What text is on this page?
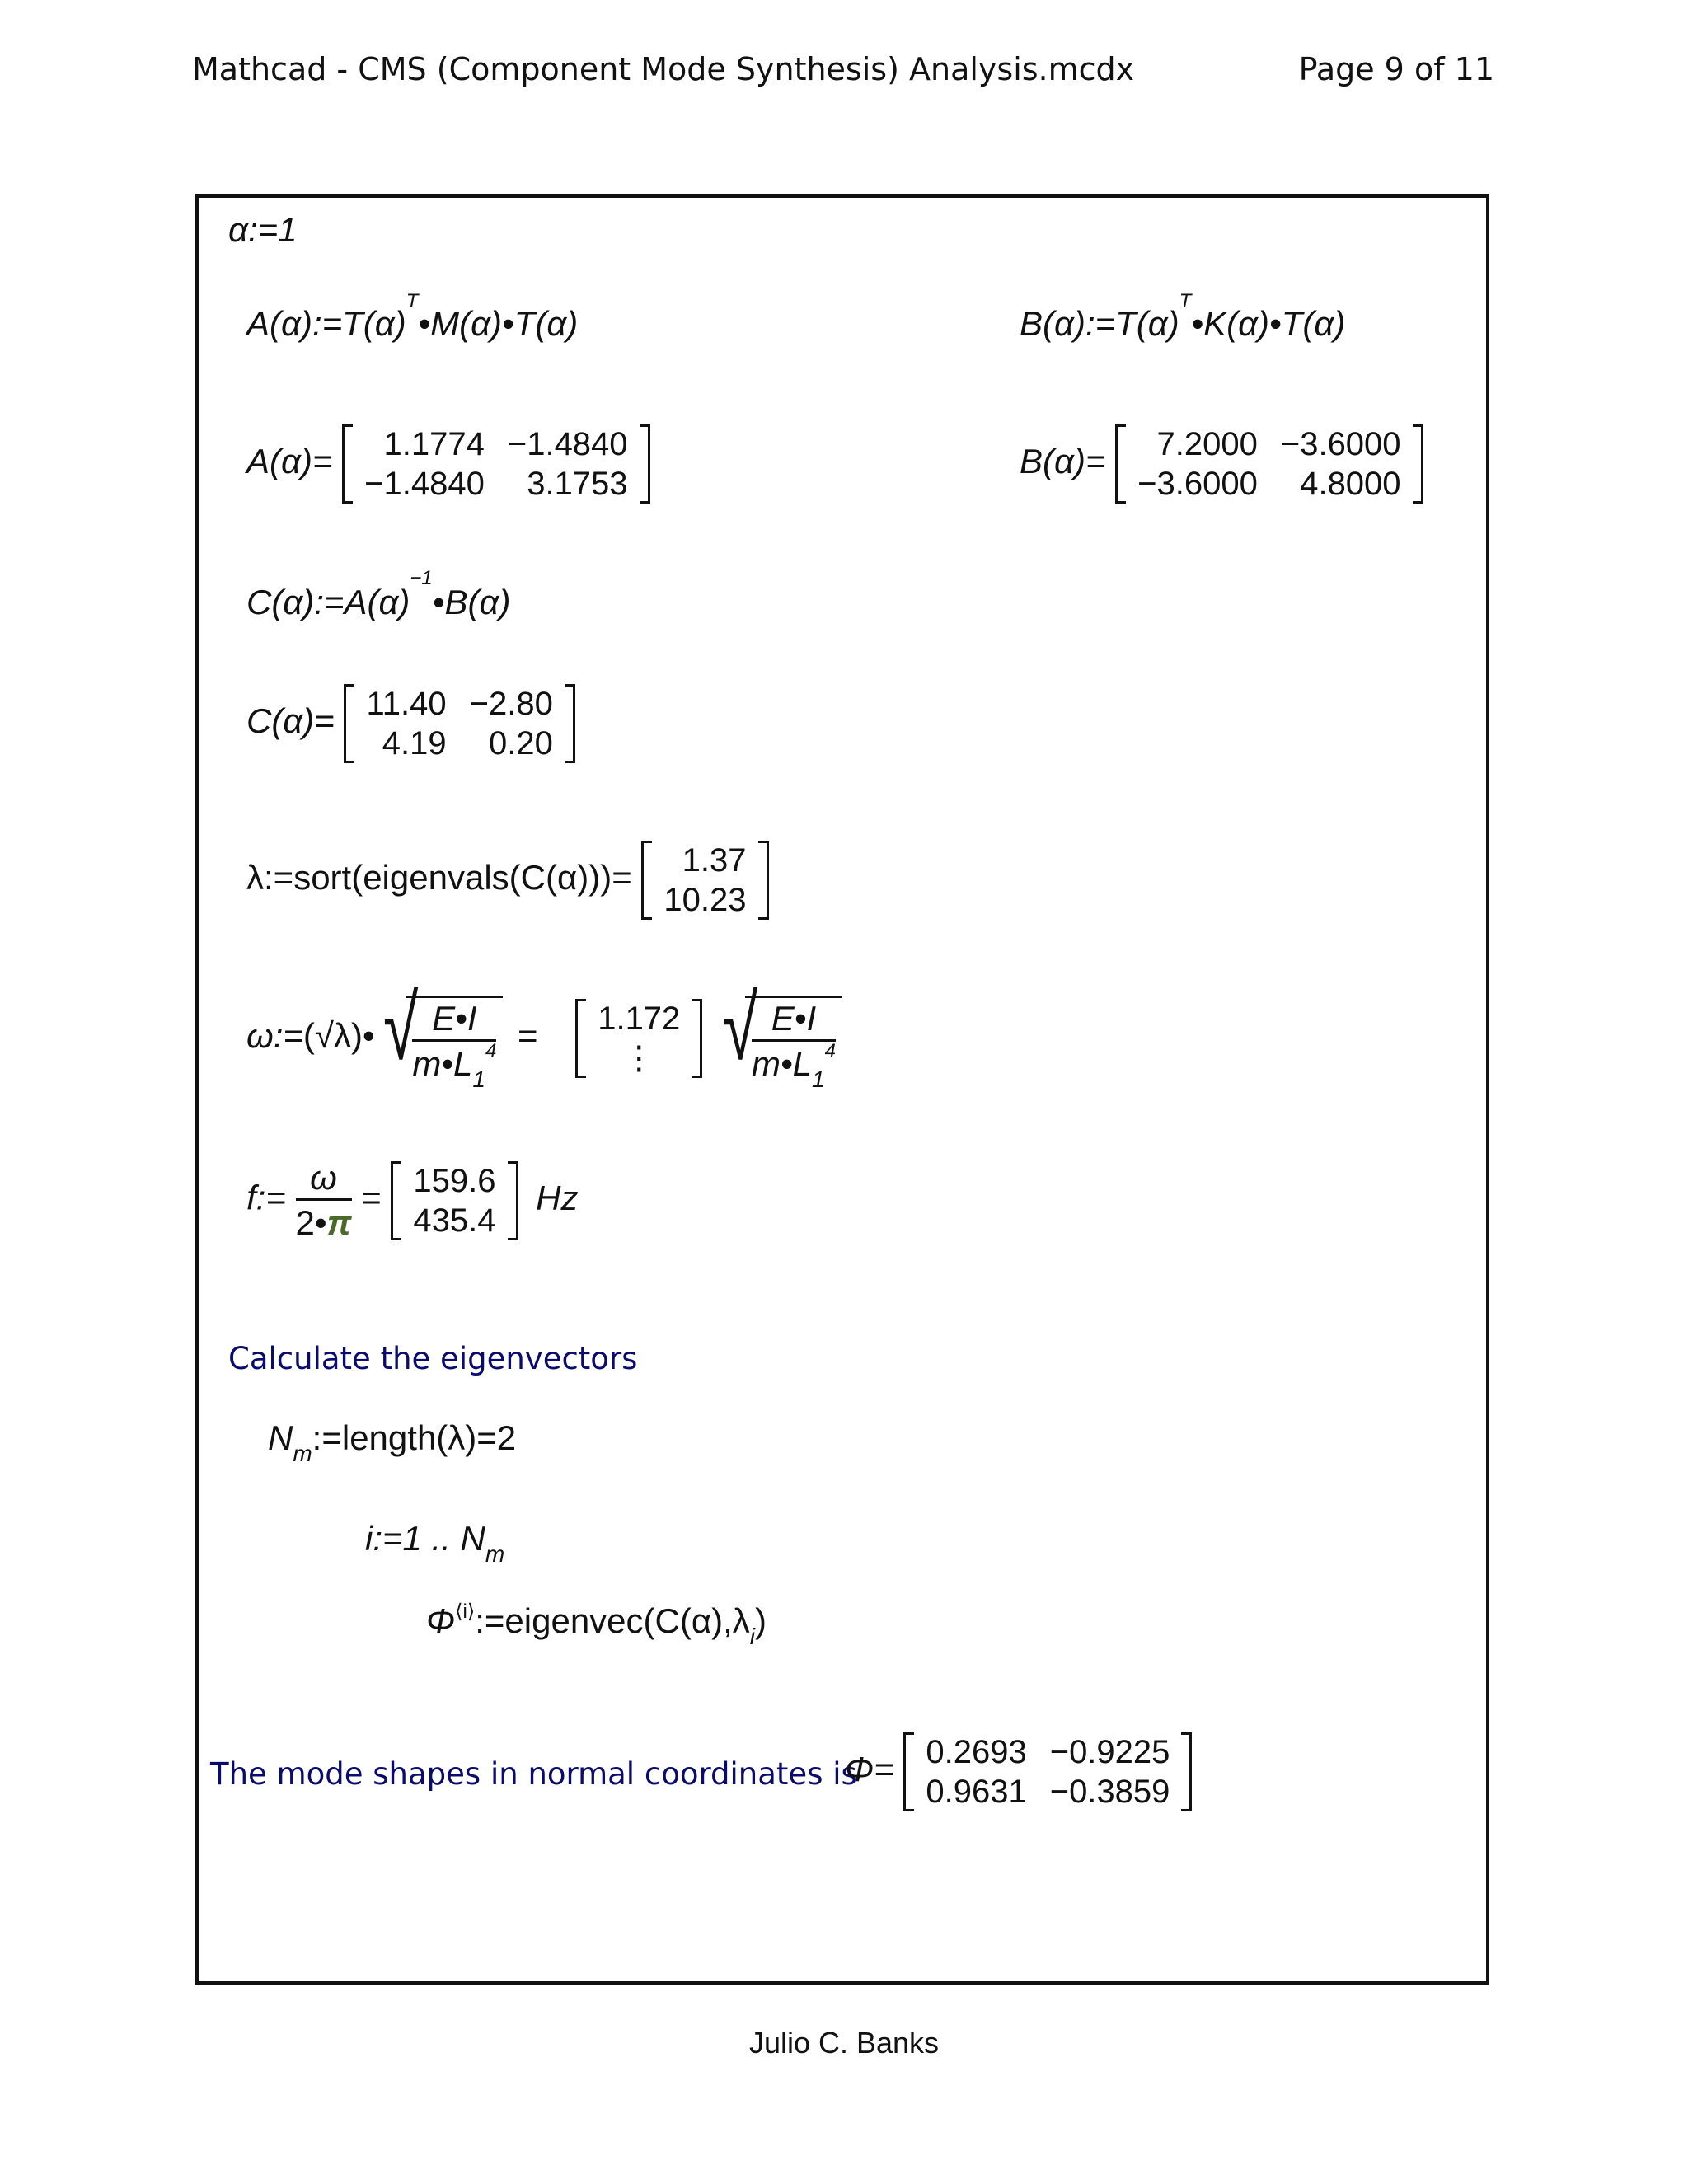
Mathcad - CMS (Component Mode Synthesis) Analysis.mcdx	Page 9 of 11
α:=1
$A(\alpha):=T(\alpha)^T•M(\alpha)•T(\alpha)$	$B(\alpha):=T(\alpha)^T•K(\alpha)•T(\alpha)$
A(α)= 1.1774	−1.4840
−1.4840	3.1753
B(α)= 7.2000	−3.6000
−3.6000	4.8000
$C(\alpha):=A(\alpha)^{-1}•B(\alpha)$
C(α)= 11.40	−2.80
4.19	0.20
λ:=sort(eigenvals(C(α)))= 1.37
10.23
ω:=(√λ)• √ $\frac{E•I}{m•L_1^4} = 1.172$
⋮
	√ $\frac{E•I}{m•L_1^4}$
f:= $\frac{\omega}{2•\pi} = 159.6$
435.4
Hz
Calculate the eigenvectors
$N_m:=length(\lambda)=2$
i:=1 .. $N_m$
$\Phi^{⟨i⟩}:=eigenvec(C(\alpha),\lambda_i)$
The mode shapes in normal coordinates is
Φ= 0.2693	−0.9225
0.9631	−0.3859
Julio C. Banks
